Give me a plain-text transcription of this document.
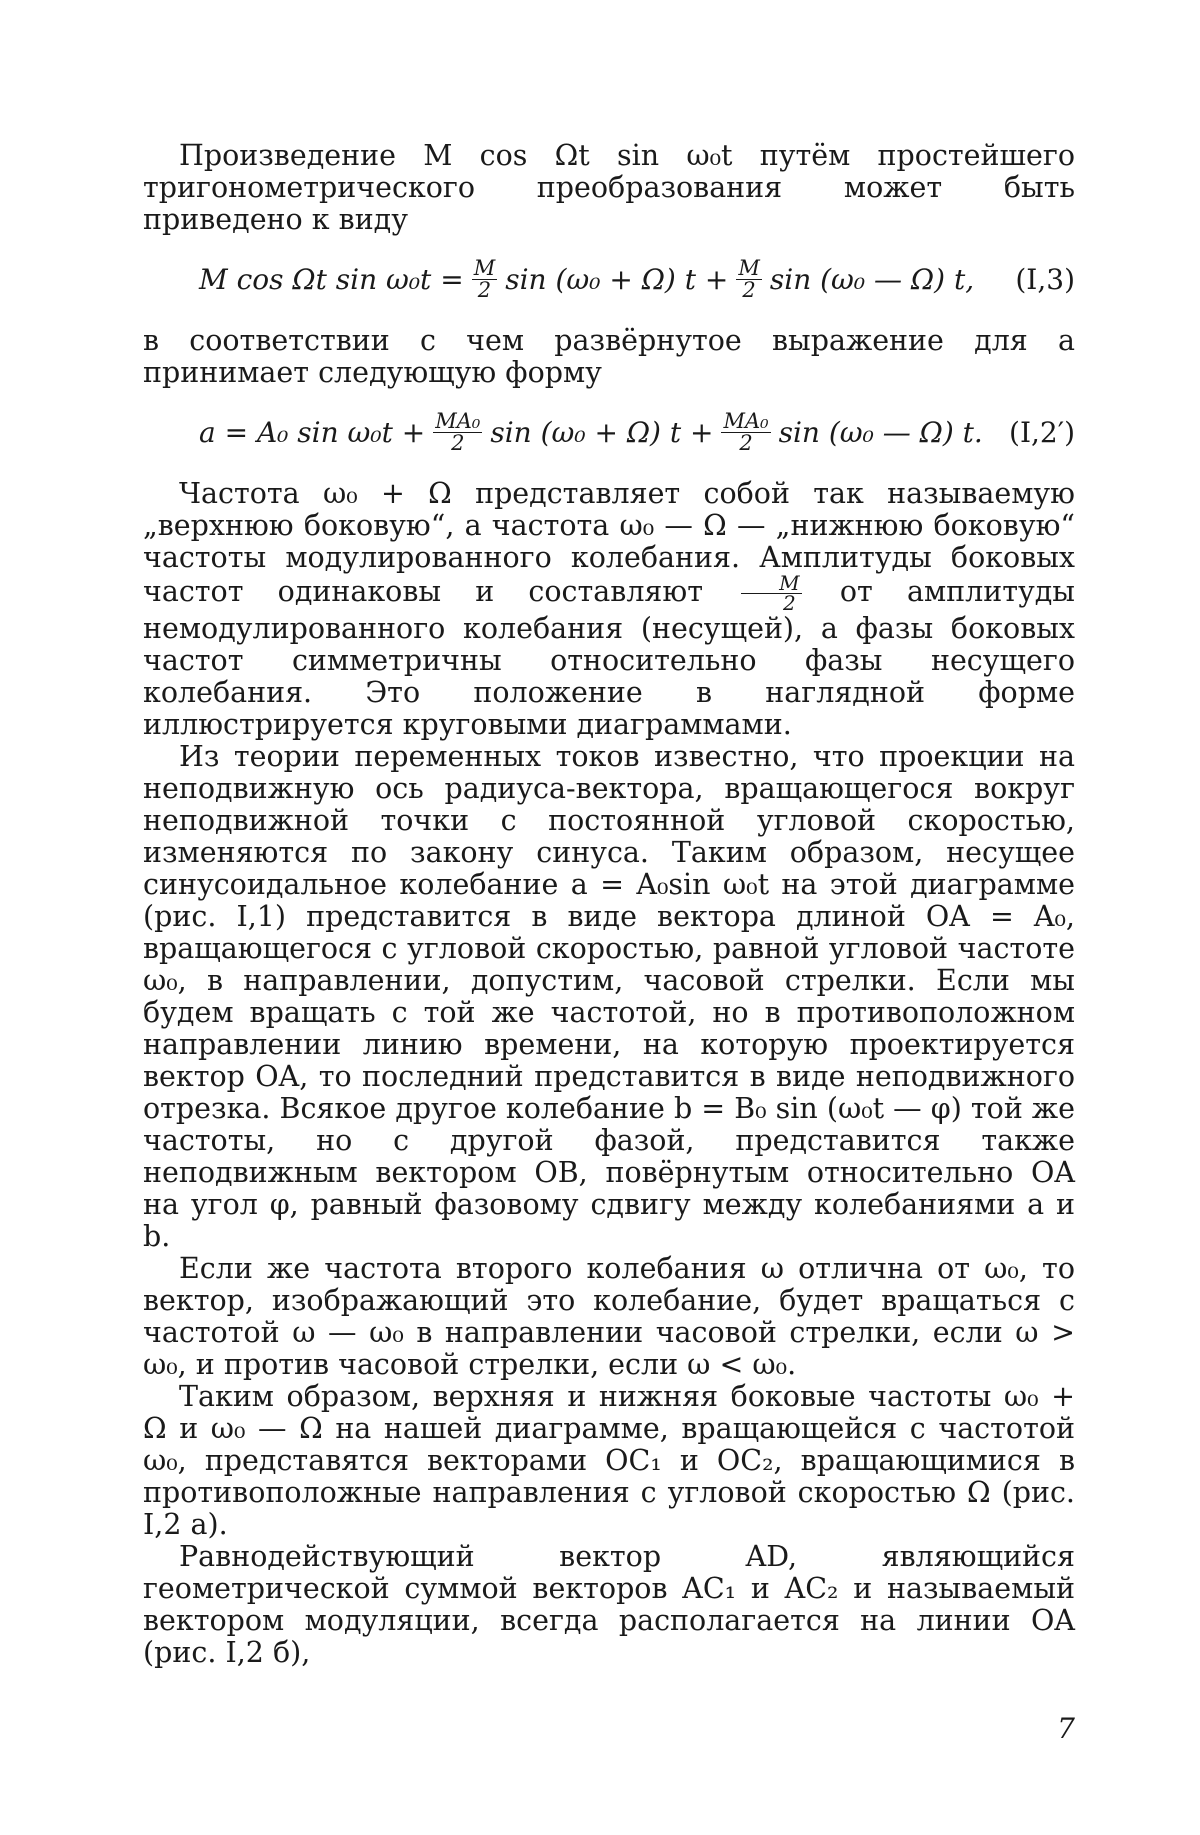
Произведение M cos Ωt sin ω₀t путём простейшего тригонометрического преобразования может быть приведено к виду

M cos Ωt $\sin \omega_0t = \frac{M}{2}$ sin (ω₀ + Ω) $t + \frac{M}{2}$ sin (ω₀ — Ω) t, (I,3)

в соответствии с чем развёрнутое выражение для a принимает следующую форму

a = A₀ $\sin \omega_0t + \frac{\text{MA₀}}{2}$ sin (ω₀ + Ω) $t + \frac{\text{MA₀}}{2}$ sin (ω₀ — Ω) t. (I,2′)

Частота ω₀ + Ω представляет собой так называемую „верхнюю боковую“, а частота ω₀ — Ω — „нижнюю боковую“ частоты модулированного колебания. Амплитуды боковых частот одинаковы и составляют $\frac{M}{2}$ от амплитуды немодулированного колебания (несущей), а фазы боковых частот симметричны относительно фазы несущего колебания. Это положение в наглядной форме иллюстрируется круговыми диаграммами.

Из теории переменных токов известно, что проекции на неподвижную ось радиуса-вектора, вращающегося вокруг неподвижной точки с постоянной угловой скоростью, изменяются по закону синуса. Таким образом, несущее синусоидальное колебание a = A₀sin ω₀t на этой диаграмме (рис. I,1) представится в виде вектора длиной OA = A₀, вращающегося с угловой скоростью, равной угловой частоте ω₀, в направлении, допустим, часовой стрелки. Если мы будем вращать с той же частотой, но в противоположном направлении линию времени, на которую проектируется вектор OA, то последний представится в виде неподвижного отрезка. Всякое другое колебание b = B₀ sin (ω₀t — φ) той же частоты, но с другой фазой, представится также неподвижным вектором OB, повёрнутым относительно OA на угол φ, равный фазовому сдвигу между колебаниями a и b.

Если же частота второго колебания ω отлична от ω₀, то вектор, изображающий это колебание, будет вращаться с частотой ω — ω₀ в направлении часовой стрелки, если ω > ω₀, и против часовой стрелки, если ω < ω₀.

Таким образом, верхняя и нижняя боковые частоты ω₀ + Ω и ω₀ — Ω на нашей диаграмме, вращающейся с частотой ω₀, представятся векторами OC₁ и OC₂, вращающимися в противоположные направления с угловой скоростью Ω (рис. I,2 a).

Равнодействующий вектор AD, являющийся геометрической суммой векторов AC₁ и AC₂ и называемый вектором модуляции, всегда располагается на линии OA (рис. I,2 б),

7
